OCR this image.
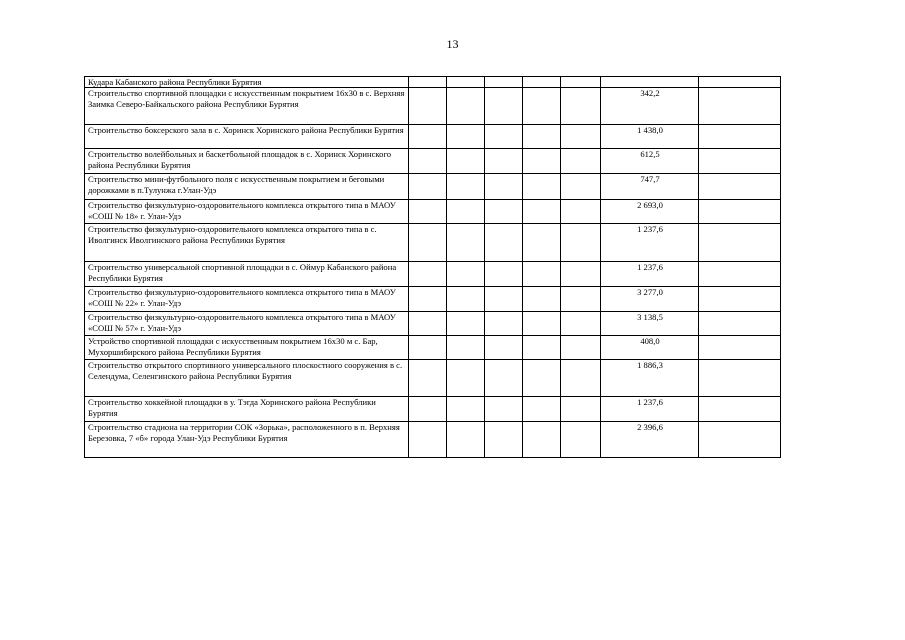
13
Кудара Кабанского района Республики Бурятия							
Строительство спортивной площадки с искусственным покрытием 16х30 в с. Верхняя Заимка Северо-Байкальского района Республики Бурятия						342,2	
Строительство боксерского зала в с. Хоринск Хоринского района Республики Бурятия						1 438,0	
Строительство волейбольных и баскетбольной площадок в с. Хоринск Хоринского района Республики Бурятия						612,5	
Строительство мини-футбольного поля с искусственным покрытием и беговыми дорожками в п.Тулунжа г.Улан-Удэ						747,7	
Строительство физкультурно-оздоровительного комплекса открытого типа в МАОУ «СОШ № 18» г. Улан-Удэ						2 693,0	
Строительство физкультурно-оздоровительного комплекса открытого типа в с. Иволгинск Иволгинского района Республики Бурятия						1 237,6	
Строительство универсальной спортивной площадки в с. Оймур Кабанского района Республики Бурятия						1 237,6	
Строительство физкультурно-оздоровительного комплекса открытого типа в МАОУ «СОШ № 22» г. Улан-Удэ						3 277,0	
Строительство физкультурно-оздоровительного комплекса открытого типа в МАОУ «СОШ № 57» г. Улан-Удэ						3 138,5	
Устройство спортивной площадки с искусственным покрытием 16х30 м с. Бар, Мухоршибирского района Республики Бурятия						408,0	
Строительство открытого спортивного универсального плоскостного сооружения в с. Селендума, Селенгинского района Республики Бурятия						1 886,3	
Строительство хоккейной площадки в у. Тэгда Хоринского района Республики Бурятия						1 237,6	
Строительство стадиона на территории СОК «Зорька», расположенного в п. Верхняя Березовка, 7 «б» города Улан-Удэ Республики Бурятия						2 396,6	
